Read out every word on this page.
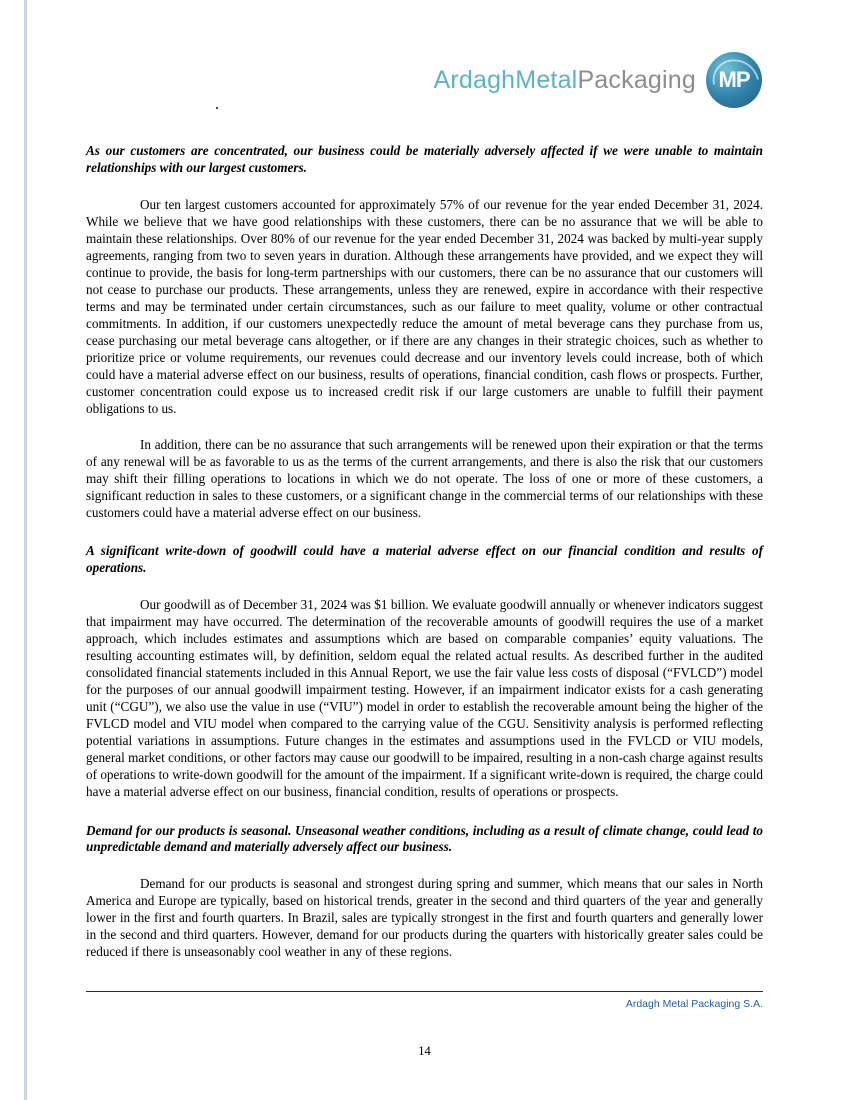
ArdaghMetalPackaging	MP
As our customers are concentrated, our business could be materially adversely affected if we were unable to maintain relationships with our largest customers.

Our ten largest customers accounted for approximately 57% of our revenue for the year ended December 31, 2024. While we believe that we have good relationships with these customers, there can be no assurance that we will be able to maintain these relationships. Over 80% of our revenue for the year ended December 31, 2024 was backed by multi-year supply agreements, ranging from two to seven years in duration. Although these arrangements have provided, and we expect they will continue to provide, the basis for long-term partnerships with our customers, there can be no assurance that our customers will not cease to purchase our products. These arrangements, unless they are renewed, expire in accordance with their respective terms and may be terminated under certain circumstances, such as our failure to meet quality, volume or other contractual commitments. In addition, if our customers unexpectedly reduce the amount of metal beverage cans they purchase from us, cease purchasing our metal beverage cans altogether, or if there are any changes in their strategic choices, such as whether to prioritize price or volume requirements, our revenues could decrease and our inventory levels could increase, both of which could have a material adverse effect on our business, results of operations, financial condition, cash flows or prospects. Further, customer concentration could expose us to increased credit risk if our large customers are unable to fulfill their payment obligations to us.

In addition, there can be no assurance that such arrangements will be renewed upon their expiration or that the terms of any renewal will be as favorable to us as the terms of the current arrangements, and there is also the risk that our customers may shift their filling operations to locations in which we do not operate. The loss of one or more of these customers, a significant reduction in sales to these customers, or a significant change in the commercial terms of our relationships with these customers could have a material adverse effect on our business.

A significant write-down of goodwill could have a material adverse effect on our financial condition and results of operations.

Our goodwill as of December 31, 2024 was $1 billion. We evaluate goodwill annually or whenever indicators suggest that impairment may have occurred. The determination of the recoverable amounts of goodwill requires the use of a market approach, which includes estimates and assumptions which are based on comparable companies’ equity valuations. The resulting accounting estimates will, by definition, seldom equal the related actual results. As described further in the audited consolidated financial statements included in this Annual Report, we use the fair value less costs of disposal (“FVLCD”) model for the purposes of our annual goodwill impairment testing. However, if an impairment indicator exists for a cash generating unit (“CGU”), we also use the value in use (“VIU”) model in order to establish the recoverable amount being the higher of the FVLCD model and VIU model when compared to the carrying value of the CGU. Sensitivity analysis is performed reflecting potential variations in assumptions. Future changes in the estimates and assumptions used in the FVLCD or VIU models, general market conditions, or other factors may cause our goodwill to be impaired, resulting in a non-cash charge against results of operations to write-down goodwill for the amount of the impairment. If a significant write-down is required, the charge could have a material adverse effect on our business, financial condition, results of operations or prospects.

Demand for our products is seasonal. Unseasonal weather conditions, including as a result of climate change, could lead to unpredictable demand and materially adversely affect our business.

Demand for our products is seasonal and strongest during spring and summer, which means that our sales in North America and Europe are typically, based on historical trends, greater in the second and third quarters of the year and generally lower in the first and fourth quarters. In Brazil, sales are typically strongest in the first and fourth quarters and generally lower in the second and third quarters. However, demand for our products during the quarters with historically greater sales could be reduced if there is unseasonably cool weather in any of these regions.

Ardagh Metal Packaging S.A.
14
